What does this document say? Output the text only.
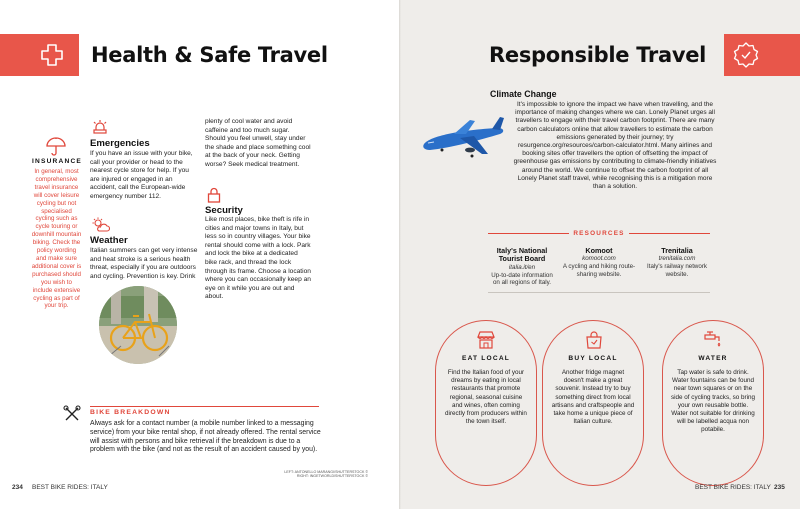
Health & Safe Travel
INSURANCE
In general, most comprehensive travel insurance will cover leisure cycling but not specialised cycling such as cycle touring or downhill mountain biking. Check the policy wording and make sure additional cover is purchased should you wish to include extensive cycling as part of your trip.
Emergencies
If you have an issue with your bike, call your provider or head to the nearest cycle store for help. If you are injured or engaged in an accident, call the European-wide emergency number 112.
Weather
Italian summers can get very intense and heat stroke is a serious health threat, especially if you are outdoors and cycling. Prevention is key. Drink
plenty of cool water and avoid caffeine and too much sugar. Should you feel unwell, stay under the shade and place something cool at the back of your neck. Getting worse? Seek medical treatment.
Security
Like most places, bike theft is rife in cities and major towns in Italy, but less so in country villages. Your bike rental should come with a lock. Park and lock the bike at a dedicated bike rack, and thread the lock through its frame. Choose a location where you can occasionally keep an eye on it while you are out and about.
BIKE BREAKDOWN
Always ask for a contact number (a mobile number linked to a messaging service) from your bike rental shop, if not already offered. The rental service will assist with persons and bike retrieval if the breakdown is due to a problem with the bike (and not as the result of an accident caused by you).
LEFT: ANTONELLO MARANGI/SHUTTERSTOCK ©
RIGHT: INGETWORLD/SHUTTERSTOCK ©
234 BEST BIKE RIDES: ITALY
Responsible Travel
Climate Change
It's impossible to ignore the impact we have when travelling, and the importance of making changes where we can. Lonely Planet urges all travellers to engage with their travel carbon footprint. There are many carbon calculators online that allow travellers to estimate the carbon emissions generated by their journey; try resurgence.org/resources/carbon-calculator.html. Many airlines and booking sites offer travellers the option of offsetting the impact of greenhouse gas emissions by contributing to climate-friendly initiatives around the world. We continue to offset the carbon footprint of all Lonely Planet staff travel, while recognising this is a mitigation more than a solution.
RESOURCES
Italy's National Tourist Board
italia.it/en
Up-to-date information on all regions of Italy.
Komoot
komoot.com
A cycling and hiking route-sharing website.
Trenitalia
trenitalia.com
Italy's railway network website.
EAT LOCAL
Find the Italian food of your dreams by eating in local restaurants that promote regional, seasonal cuisine and wines, often coming directly from producers within the town itself.
BUY LOCAL
Another fridge magnet doesn't make a great souvenir. Instead try to buy something direct from local artisans and craftspeople and take home a unique piece of Italian culture.
WATER
Tap water is safe to drink. Water fountains can be found near town squares or on the side of cycling tracks, so bring your own reusable bottle. Water not suitable for drinking will be labelled acqua non potabile.
BEST BIKE RIDES: ITALY 235
